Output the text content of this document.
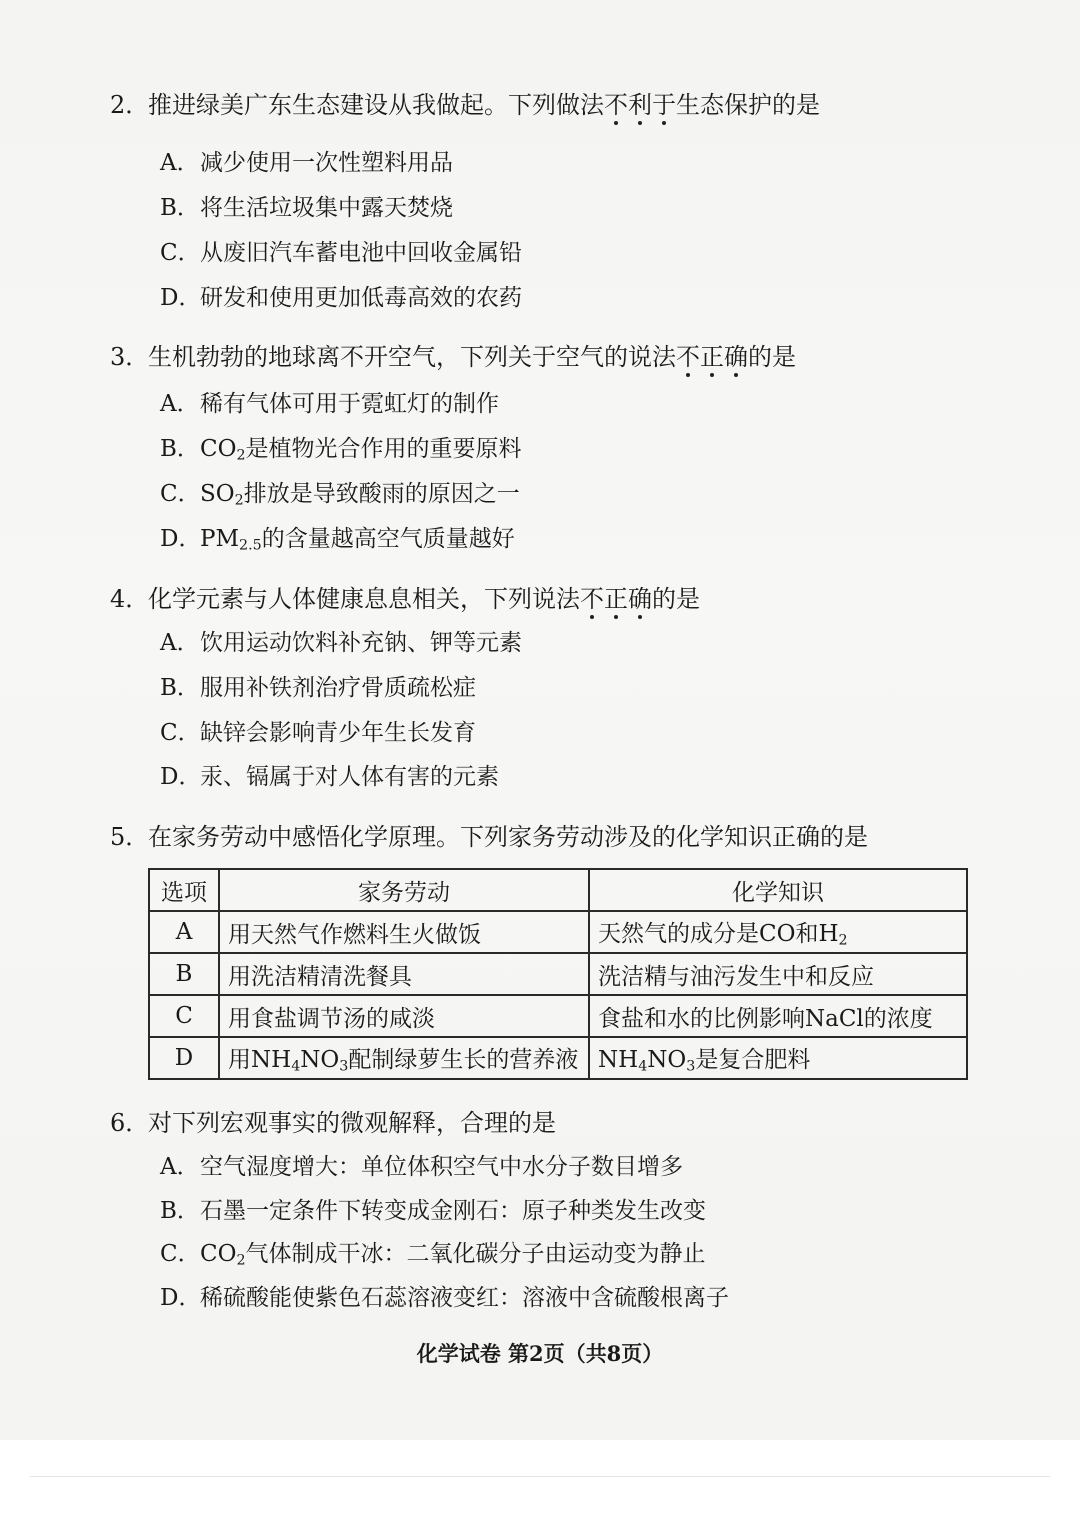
2．推进绿美广东生态建设从我做起。下列做法不利于生态保护的是
A．减少使用一次性塑料用品
B．将生活垃圾集中露天焚烧
C．从废旧汽车蓄电池中回收金属铅
D．研发和使用更加低毒高效的农药
3．生机勃勃的地球离不开空气，下列关于空气的说法不正确的是
A．稀有气体可用于霓虹灯的制作
B．$CO_2$是植物光合作用的重要原料
C．$SO_2$排放是导致酸雨的原因之一
D．$PM_{2.5}$的含量越高空气质量越好
4．化学元素与人体健康息息相关，下列说法不正确的是
A．饮用运动饮料补充钠、钾等元素
B．服用补铁剂治疗骨质疏松症
C．缺锌会影响青少年生长发育
D．汞、镉属于对人体有害的元素
5．在家务劳动中感悟化学原理。下列家务劳动涉及的化学知识正确的是
选项	家务劳动	化学知识
A	用天然气作燃料生火做饭	天然气的成分是CO和$H_2$
B	用洗洁精清洗餐具	洗洁精与油污发生中和反应
C	用食盐调节汤的咸淡	食盐和水的比例影响NaCl的浓度
D	用$NH_4NO_3$配制绿萝生长的营养液	$NH_4NO_3$是复合肥料
6．对下列宏观事实的微观解释，合理的是
A．空气湿度增大：单位体积空气中水分子数目增多
B．石墨一定条件下转变成金刚石：原子种类发生改变
C．$CO_2$气体制成干冰：二氧化碳分子由运动变为静止
D．稀硫酸能使紫色石蕊溶液变红：溶液中含硫酸根离子
化学试卷 第2页（共8页）
